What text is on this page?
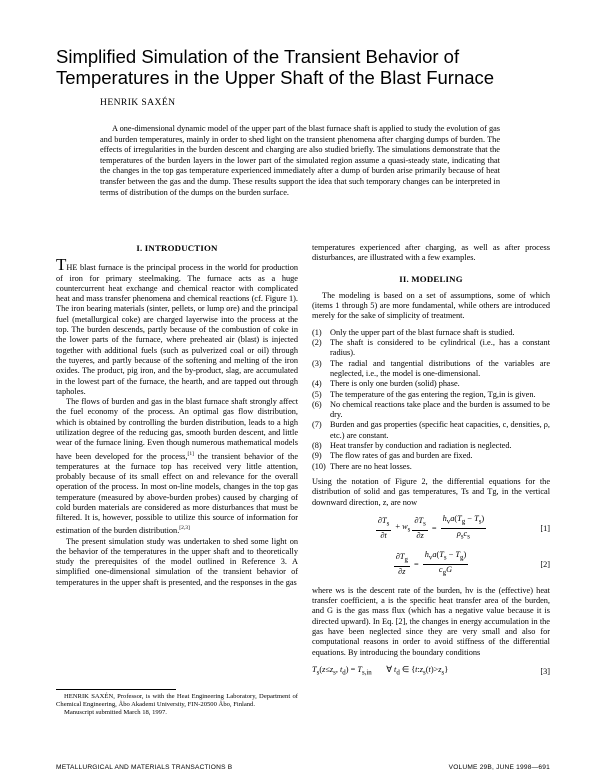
Simplified Simulation of the Transient Behavior of Temperatures in the Upper Shaft of the Blast Furnace

HENRIK SAXÉN

A one-dimensional dynamic model of the upper part of the blast furnace shaft is applied to study the evolution of gas and burden temperatures, mainly in order to shed light on the transient phenomena after charging dumps of burden. The effects of irregularities in the burden descent and charging are also studied briefly. The simulations demonstrate that the temperatures of the burden layers in the lower part of the simulated region assume a quasi-steady state, indicating that the changes in the top gas temperature experienced immediately after a dump of burden arise primarily because of heat transfer between the gas and the dump. These results support the idea that such temporary changes can be interpreted in terms of distribution of the dumps on the burden surface.

I. INTRODUCTION

THE blast furnace is the principal process in the world for production of iron for primary steelmaking. The furnace acts as a huge countercurrent heat exchange and chemical reactor with complicated heat and mass transfer phenomena and chemical reactions (cf. Figure 1). The iron bearing materials (sinter, pellets, or lump ore) and the principal fuel (metallurgical coke) are charged layerwise into the process at the top. The burden descends, partly because of the combustion of coke in the lower parts of the furnace, where preheated air (blast) is injected together with additional fuels (such as pulverized coal or oil) through the tuyeres, and partly because of the softening and melting of the iron oxides. The product, pig iron, and the by-product, slag, are accumulated in the lowest part of the furnace, the hearth, and are tapped out through tapholes.

The flows of burden and gas in the blast furnace shaft strongly affect the fuel economy of the process. An optimal gas flow distribution, which is obtained by controlling the burden distribution, leads to a high utilization degree of the reducing gas, smooth burden descent, and little wear of the furnace lining. Even though numerous mathematical models have been developed for the process,[1] the transient behavior of the temperatures at the furnace top has received very little attention, probably because of its small effect on and relevance for the overall operation of the process. In most on-line models, changes in the top gas temperature (measured by above-burden probes) caused by charging of cold burden materials are considered as more disturbances that must be filtered. It is, however, possible to utilize this source of information for estimation of the burden distribution.[2,3]

The present simulation study was undertaken to shed some light on the behavior of the temperatures in the upper shaft and to theoretically study the prerequisites of the model outlined in Reference 3. A simplified one-dimensional simulation of the transient behavior of temperatures in the upper shaft is presented, and the responses in the gas

temperatures experienced after charging, as well as after process disturbances, are illustrated with a few examples.

II. MODELING

The modeling is based on a set of assumptions, some of which (items 1 through 5) are more fundamental, while others are introduced merely for the sake of simplicity of treatment.

(1) Only the upper part of the blast furnace shaft is studied.
(2) The shaft is considered to be cylindrical (i.e., has a constant radius).
(3) The radial and tangential distributions of the variables are neglected, i.e., the model is one-dimensional.
(4) There is only one burden (solid) phase.
(5) The temperature of the gas entering the region, Tg,in is given.
(6) No chemical reactions take place and the burden is assumed to be dry.
(7) Burden and gas properties (specific heat capacities, c, densities, ρ, etc.) are constant.
(8) Heat transfer by conduction and radiation is neglected.
(9) The flow rates of gas and burden are fixed.
(10) There are no heat losses.

Using the notation of Figure 2, the differential equations for the distribution of solid and gas temperatures, Ts and Tg, in the vertical downward direction, z, are now

$\frac{\partial T_s}{\partial t} + w_s \frac{\partial T_s}{\partial z} = \frac{h_va(T_g - T_s)}{\rho_sc_s}$	[1]
$\frac{\partial T_g}{\partial z} = \frac{h_va(T_s - T_g)}{c_gG}$	[2]

where ws is the descent rate of the burden, hv is the (effective) heat transfer coefficient, a is the specific heat transfer area of the burden, and G is the gas mass flux (which has a negative value because it is directed upward). In Eq. [2], the changes in energy accumulation in the gas have been neglected since they are very small and also for computational reasons in order to avoid stiffness of the differential equations. By introducing the boundary conditions

$T_s(z\le z_s$, $t_d) = T_{s,in}$       ∀ $t_d$ ∈ $\{t:z_s(t)>z_s\}$	[3]

HENRIK SAXÉN, Professor, is with the Heat Engineering Laboratory, Department of Chemical Engineering, Åbo Akademi University, FIN-20500 Åbo, Finland.

Manuscript submitted March 18, 1997.

METALLURGICAL AND MATERIALS TRANSACTIONS B	VOLUME 29B, JUNE 1998—691
